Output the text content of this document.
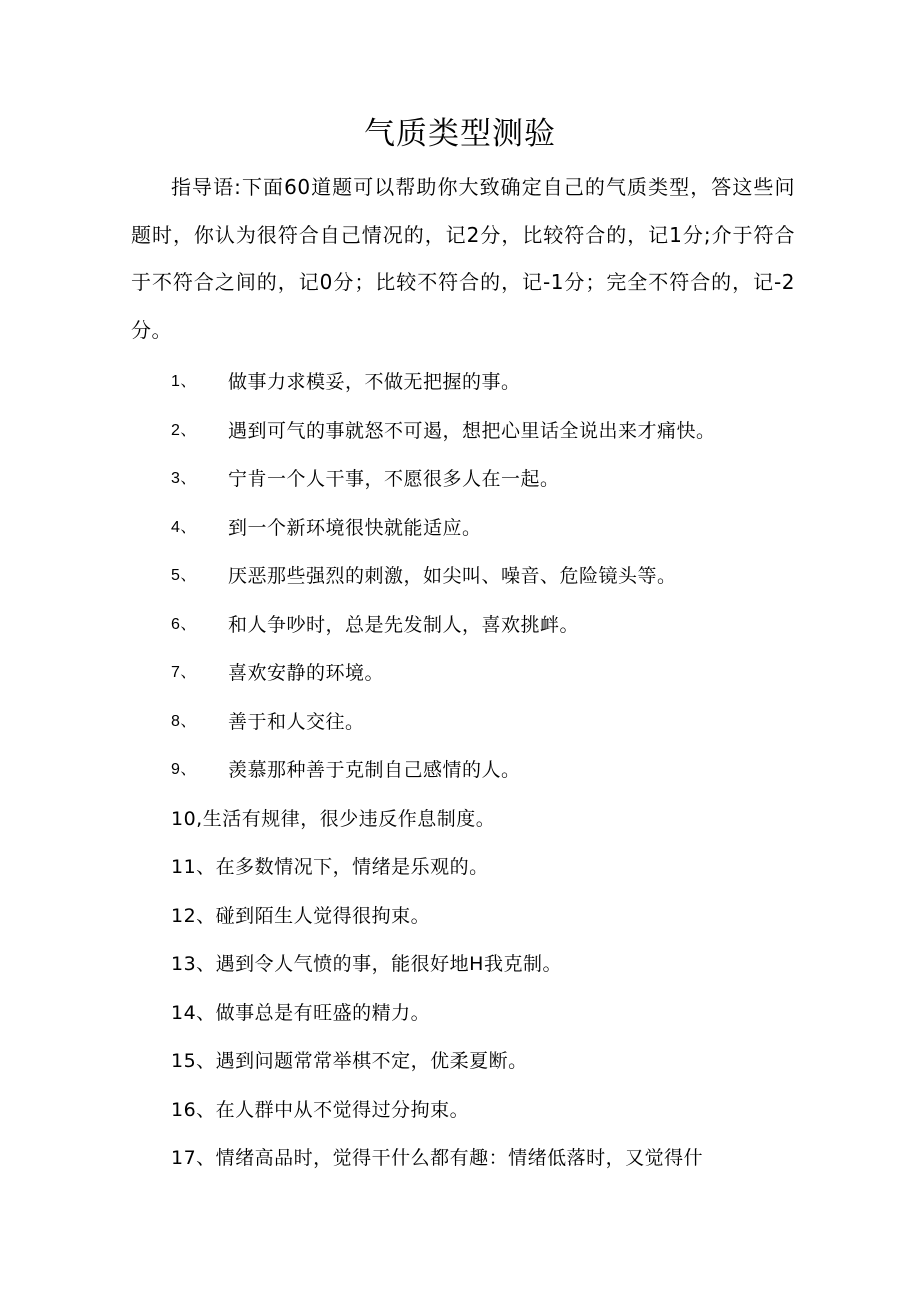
气质类型测验

指导语:下面60道题可以帮助你大致确定自己的气质类型，答这些问题时，你认为很符合自己情况的，记2分，比较符合的，记1分;介于符合于不符合之间的，记0分；比较不符合的，记-1分；完全不符合的，记-2分。

1、 做事力求模妥，不做无把握的事。
2、 遇到可气的事就怒不可遏，想把心里话全说出来才痛快。
3、 宁肯一个人干事，不愿很多人在一起。
4、 到一个新环境很快就能适应。
5、 厌恶那些强烈的刺激，如尖叫、噪音、危险镜头等。
6、 和人争吵时，总是先发制人，喜欢挑衅。
7、 喜欢安静的环境。
8、 善于和人交往。
9、 羡慕那种善于克制自己感情的人。
10,生活有规律，很少违反作息制度。
11、在多数情况下，情绪是乐观的。
12、碰到陌生人觉得很拘束。
13、遇到令人气愤的事，能很好地H我克制。
14、做事总是有旺盛的精力。
15、遇到问题常常举棋不定，优柔夏断。
16、在人群中从不觉得过分拘束。
17、情绪高品时，觉得干什么都有趣：情绪低落时，又觉得什
